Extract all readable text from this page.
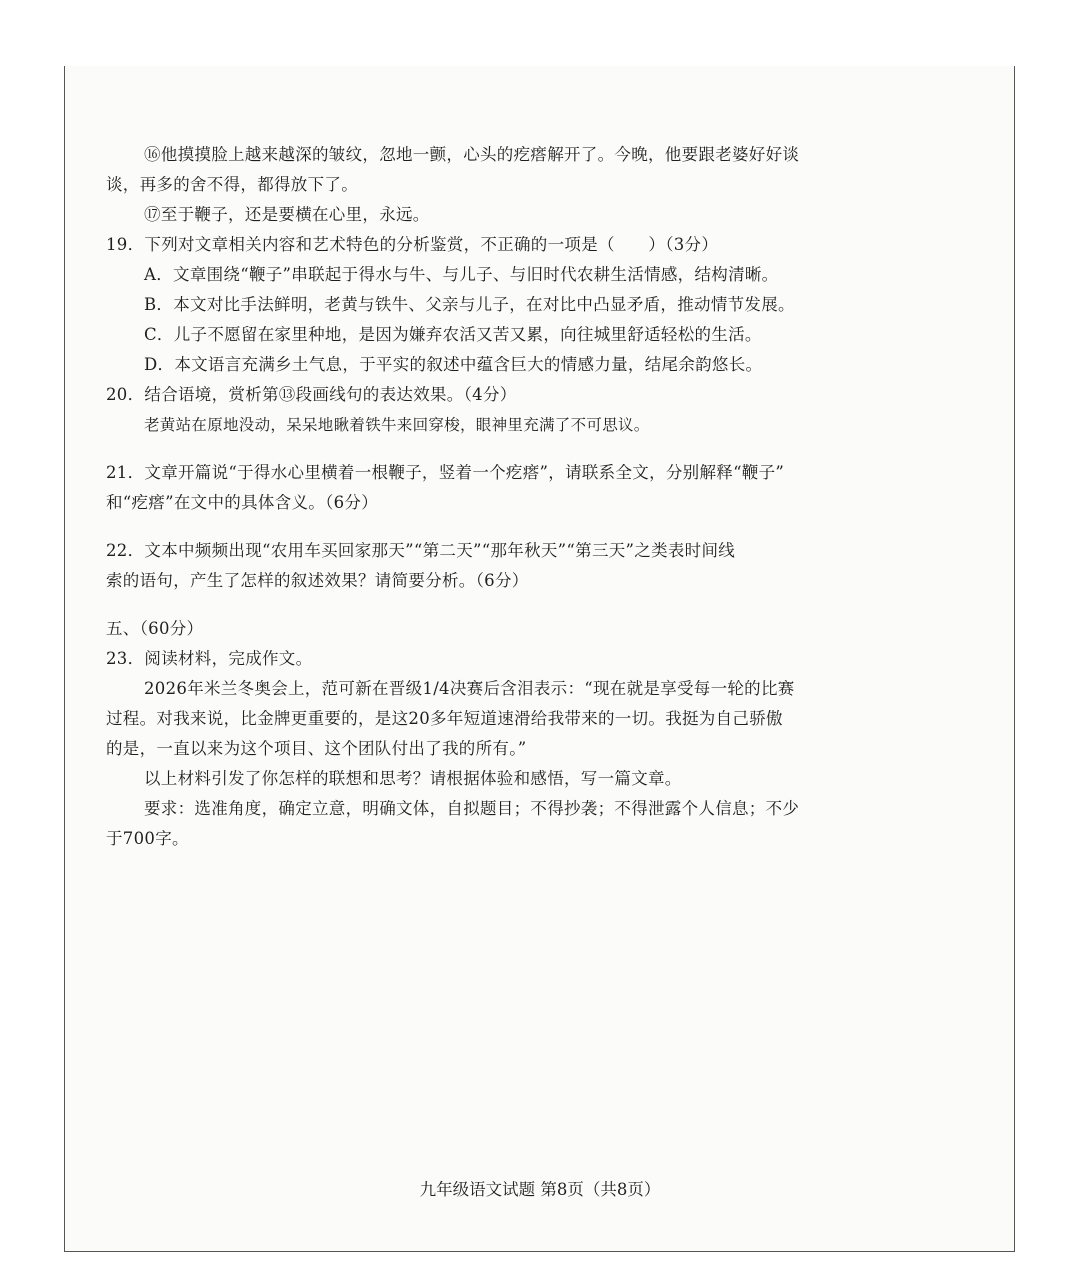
⑯他摸摸脸上越来越深的皱纹，忽地一颤，心头的疙瘩解开了。今晚，他要跟老婆好好谈
谈，再多的舍不得，都得放下了。
⑰至于鞭子，还是要横在心里，永远。
19．下列对文章相关内容和艺术特色的分析鉴赏，不正确的一项是（　　）（3分）
A．文章围绕“鞭子”串联起于得水与牛、与儿子、与旧时代农耕生活情感，结构清晰。
B．本文对比手法鲜明，老黄与铁牛、父亲与儿子，在对比中凸显矛盾，推动情节发展。
C．儿子不愿留在家里种地，是因为嫌弃农活又苦又累，向往城里舒适轻松的生活。
D．本文语言充满乡土气息，于平实的叙述中蕴含巨大的情感力量，结尾余韵悠长。
20．结合语境，赏析第⑬段画线句的表达效果。（4分）
老黄站在原地没动，呆呆地瞅着铁牛来回穿梭，眼神里充满了不可思议。
21．文章开篇说“于得水心里横着一根鞭子，竖着一个疙瘩”，请联系全文，分别解释“鞭子”
和“疙瘩”在文中的具体含义。（6分）
22．文本中频频出现“农用车买回家那天”“第二天”“那年秋天”“第三天”之类表时间线
索的语句，产生了怎样的叙述效果？请简要分析。（6分）
五、（60分）
23．阅读材料，完成作文。
2026年米兰冬奥会上，范可新在晋级1/4决赛后含泪表示：“现在就是享受每一轮的比赛
过程。对我来说，比金牌更重要的，是这20多年短道速滑给我带来的一切。我挺为自己骄傲
的是，一直以来为这个项目、这个团队付出了我的所有。”
以上材料引发了你怎样的联想和思考？请根据体验和感悟，写一篇文章。
要求：选准角度，确定立意，明确文体，自拟题目；不得抄袭；不得泄露个人信息；不少
于700字。
九年级语文试题 第8页（共8页）
